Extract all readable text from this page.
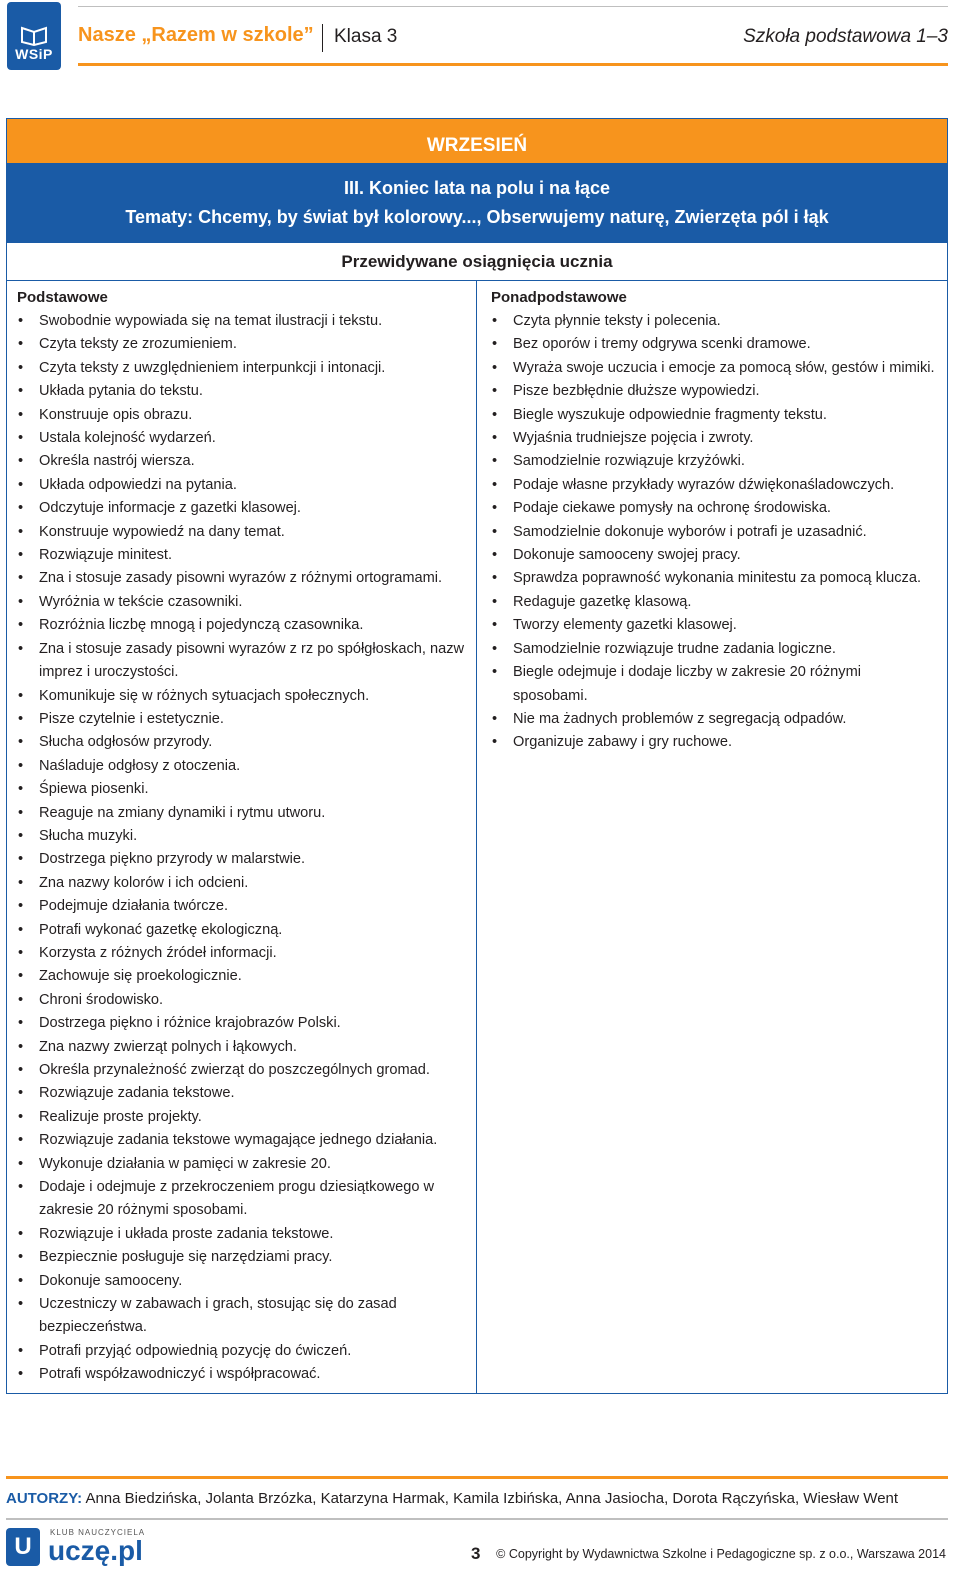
WSiP
Nasze „Razem w szkole” Klasa 3	Szkoła podstawowa 1–3
WRZESIEŃ
III. Koniec lata na polu i na łące
Tematy: Chcemy, by świat był kolorowy..., Obserwujemy naturę, Zwierzęta pól i łąk
Przewidywane osiągnięcia ucznia
Podstawowe
• Swobodnie wypowiada się na temat ilustracji i tekstu.
• Czyta teksty ze zrozumieniem.
• Czyta teksty z uwzględnieniem interpunkcji i intonacji.
• Układa pytania do tekstu.
• Konstruuje opis obrazu.
• Ustala kolejność wydarzeń.
• Określa nastrój wiersza.
• Układa odpowiedzi na pytania.
• Odczytuje informacje z gazetki klasowej.
• Konstruuje wypowiedź na dany temat.
• Rozwiązuje minitest.
• Zna i stosuje zasady pisowni wyrazów z różnymi ortogramami.
• Wyróżnia w tekście czasowniki.
• Rozróżnia liczbę mnogą i pojedynczą czasownika.
• Zna i stosuje zasady pisowni wyrazów z rz po spółgłoskach, nazw imprez i uroczystości.
• Komunikuje się w różnych sytuacjach społecznych.
• Pisze czytelnie i estetycznie.
• Słucha odgłosów przyrody.
• Naśladuje odgłosy z otoczenia.
• Śpiewa piosenki.
• Reaguje na zmiany dynamiki i rytmu utworu.
• Słucha muzyki.
• Dostrzega piękno przyrody w malarstwie.
• Zna nazwy kolorów i ich odcieni.
• Podejmuje działania twórcze.
• Potrafi wykonać gazetkę ekologiczną.
• Korzysta z różnych źródeł informacji.
• Zachowuje się proekologicznie.
• Chroni środowisko.
• Dostrzega piękno i różnice krajobrazów Polski.
• Zna nazwy zwierząt polnych i łąkowych.
• Określa przynależność zwierząt do poszczególnych gromad.
• Rozwiązuje zadania tekstowe.
• Realizuje proste projekty.
• Rozwiązuje zadania tekstowe wymagające jednego działania.
• Wykonuje działania w pamięci w zakresie 20.
• Dodaje i odejmuje z przekroczeniem progu dziesiątkowego w zakresie 20 różnymi sposobami.
• Rozwiązuje i układa proste zadania tekstowe.
• Bezpiecznie posługuje się narzędziami pracy.
• Dokonuje samooceny.
• Uczestniczy w zabawach i grach, stosując się do zasad bezpieczeństwa.
• Potrafi przyjąć odpowiednią pozycję do ćwiczeń.
• Potrafi współzawodniczyć i współpracować.
Ponadpodstawowe
• Czyta płynnie teksty i polecenia.
• Bez oporów i tremy odgrywa scenki dramowe.
• Wyraża swoje uczucia i emocje za pomocą słów, gestów i mimiki.
• Pisze bezbłędnie dłuższe wypowiedzi.
• Biegle wyszukuje odpowiednie fragmenty tekstu.
• Wyjaśnia trudniejsze pojęcia i zwroty.
• Samodzielnie rozwiązuje krzyżówki.
• Podaje własne przykłady wyrazów dźwiękonaśladowczych.
• Podaje ciekawe pomysły na ochronę środowiska.
• Samodzielnie dokonuje wyborów i potrafi je uzasadnić.
• Dokonuje samooceny swojej pracy.
• Sprawdza poprawność wykonania minitestu za pomocą klucza.
• Redaguje gazetkę klasową.
• Tworzy elementy gazetki klasowej.
• Samodzielnie rozwiązuje trudne zadania logiczne.
• Biegle odejmuje i dodaje liczby w zakresie 20 różnymi sposobami.
• Nie ma żadnych problemów z segregacją odpadów.
• Organizuje zabawy i gry ruchowe.
AUTORZY: Anna Biedzińska, Jolanta Brzózka, Katarzyna Harmak, Kamila Izbińska, Anna Jasiocha, Dorota Rączyńska, Wiesław Went
U
KLUB NAUCZYCIELA
uczę.pl	3 © Copyright by Wydawnictwa Szkolne i Pedagogiczne sp. z o.o., Warszawa 2014
